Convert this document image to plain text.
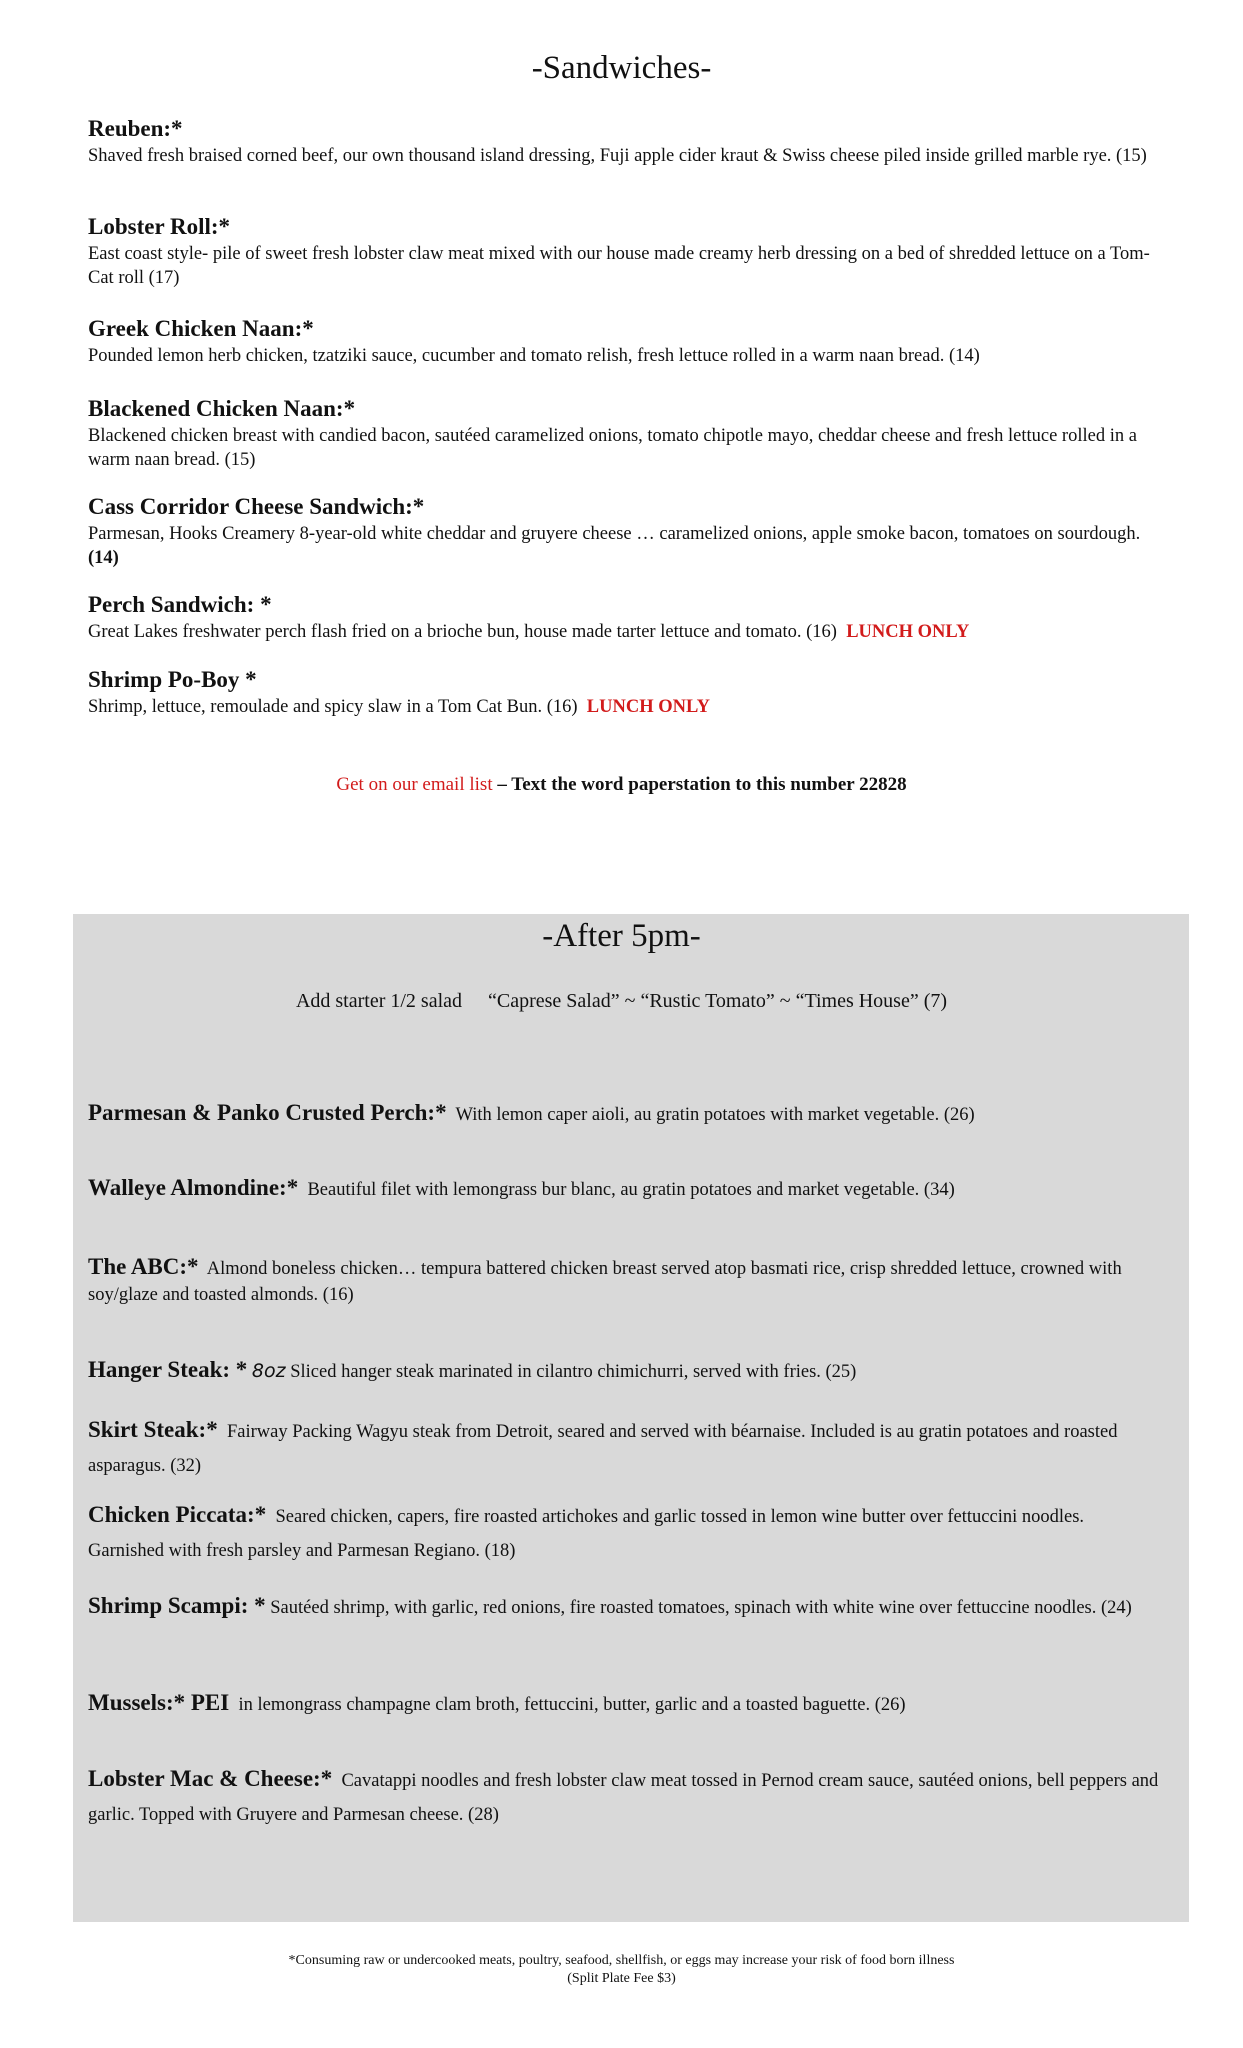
-Sandwiches-
Reuben:*
Shaved fresh braised corned beef, our own thousand island dressing, Fuji apple cider kraut & Swiss cheese piled inside grilled marble rye. (15)
Lobster Roll:*
East coast style- pile of sweet fresh lobster claw meat mixed with our house made creamy herb dressing on a bed of shredded lettuce on a Tom-Cat roll (17)
Greek Chicken Naan:*
Pounded lemon herb chicken, tzatziki sauce, cucumber and tomato relish, fresh lettuce rolled in a warm naan bread. (14)
Blackened Chicken Naan:*
Blackened chicken breast with candied bacon, sautéed caramelized onions, tomato chipotle mayo, cheddar cheese and fresh lettuce rolled in a warm naan bread. (15)
Cass Corridor Cheese Sandwich:*
Parmesan, Hooks Creamery 8-year-old white cheddar and gruyere cheese … caramelized onions, apple smoke bacon, tomatoes on sourdough. (14)
Perch Sandwich: *
Great Lakes freshwater perch flash fried on a brioche bun, house made tarter lettuce and tomato. (16) LUNCH ONLY
Shrimp Po-Boy *
Shrimp, lettuce, remoulade and spicy slaw in a Tom Cat Bun. (16) LUNCH ONLY
Get on our email list – Text the word paperstation to this number 22828
-After 5pm-
Add starter 1/2 salad “Caprese Salad” ~ “Rustic Tomato” ~ “Times House” (7)
Parmesan & Panko Crusted Perch:* With lemon caper aioli, au gratin potatoes with market vegetable. (26)
Walleye Almondine:* Beautiful filet with lemongrass bur blanc, au gratin potatoes and market vegetable. (34)
The ABC:* Almond boneless chicken… tempura battered chicken breast served atop basmati rice, crisp shredded lettuce, crowned with soy/glaze and toasted almonds. (16)
Hanger Steak: * 8oz Sliced hanger steak marinated in cilantro chimichurri, served with fries. (25)
Skirt Steak:* Fairway Packing Wagyu steak from Detroit, seared and served with béarnaise. Included is au gratin potatoes and roasted asparagus. (32)
Chicken Piccata:* Seared chicken, capers, fire roasted artichokes and garlic tossed in lemon wine butter over fettuccini noodles. Garnished with fresh parsley and Parmesan Regiano. (18)
Shrimp Scampi: * Sautéed shrimp, with garlic, red onions, fire roasted tomatoes, spinach with white wine over fettuccine noodles. (24)
Mussels:* PEI in lemongrass champagne clam broth, fettuccini, butter, garlic and a toasted baguette. (26)
Lobster Mac & Cheese:* Cavatappi noodles and fresh lobster claw meat tossed in Pernod cream sauce, sautéed onions, bell peppers and garlic. Topped with Gruyere and Parmesan cheese. (28)
*Consuming raw or undercooked meats, poultry, seafood, shellfish, or eggs may increase your risk of food born illness
(Split Plate Fee $3)
